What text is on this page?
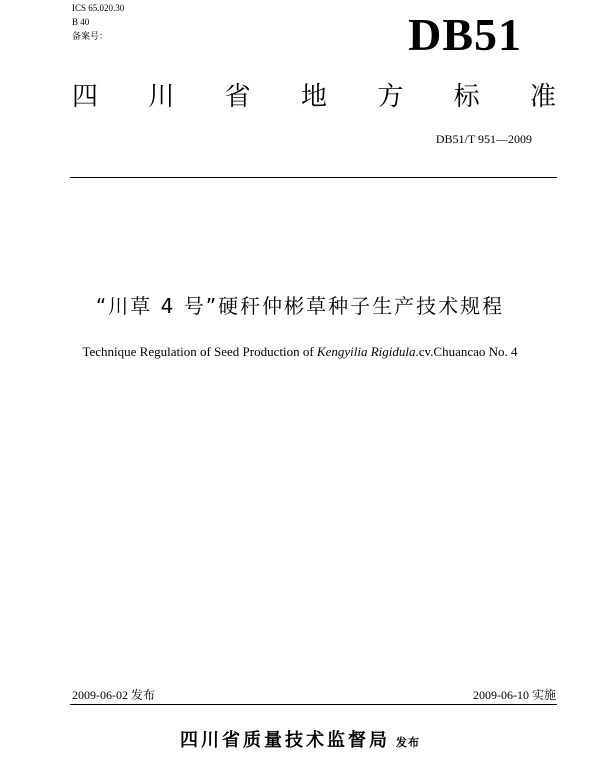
ICS 65.020.30
B 40
备案号：	DB51
四 川 省 地 方 标 准
DB51/T 951—2009
“川草 4 号”硬秆仲彬草种子生产技术规程
Technique Regulation of Seed Production of Kengyilia Rigidula.cv.Chuancao No. 4
2009-06-02 发布	2009-06-10 实施
四川省质量技术监督局 发布
